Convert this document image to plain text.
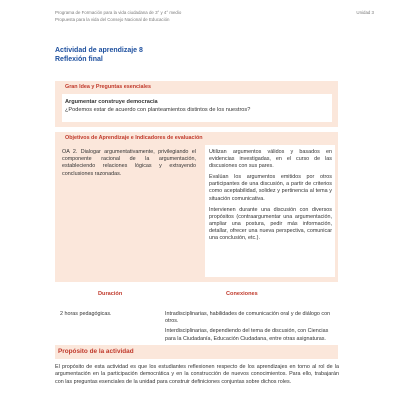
Programa de Formación para la vida ciudadana de 3° y 4° medio
Propuesta para la vida del Consejo Nacional de Educación
Unidad 3
Actividad de aprendizaje 8
Reflexión final
Gran Idea y Preguntas esenciales
Argumentar construye democracia
¿Podemos estar de acuerdo con planteamientos distintos de los nuestros?
Objetivos de Aprendizaje e Indicadores de evaluación
OA 2. Dialogar argumentativamente, privilegiando el componente racional de la argumentación, estableciendo relaciones lógicas y extrayendo conclusiones razonadas.

Utilizan argumentos válidos y basados en evidencias investigadas, en el curso de las discusiones con sus pares.

Evalúan los argumentos emitidos por otros participantes de una discusión, a partir de criterios como aceptabilidad, solidez y pertinencia al tema y situación comunicativa.

Intervienen durante una discusión con diversos propósitos (contraargumentar una argumentación, ampliar una postura, pedir más información, detallar, ofrecer una nueva perspectiva, comunicar una conclusión, etc.).

Duración	Conexiones
2 horas pedagógicas.	Intradisciplinarias, habilidades de comunicación oral y de diálogo con otros.

Interdisciplinarias, dependiendo del tema de discusión, con Ciencias para la Ciudadanía, Educación Ciudadana, entre otras asignaturas.

Propósito de la actividad
El propósito de esta actividad es que los estudiantes reflexionen respecto de los aprendizajes en torno al rol de la argumentación en la participación democrática y en la construcción de nuevos conocimientos. Para ello, trabajarán con las preguntas esenciales de la unidad para construir definiciones conjuntas sobre dichos roles.
